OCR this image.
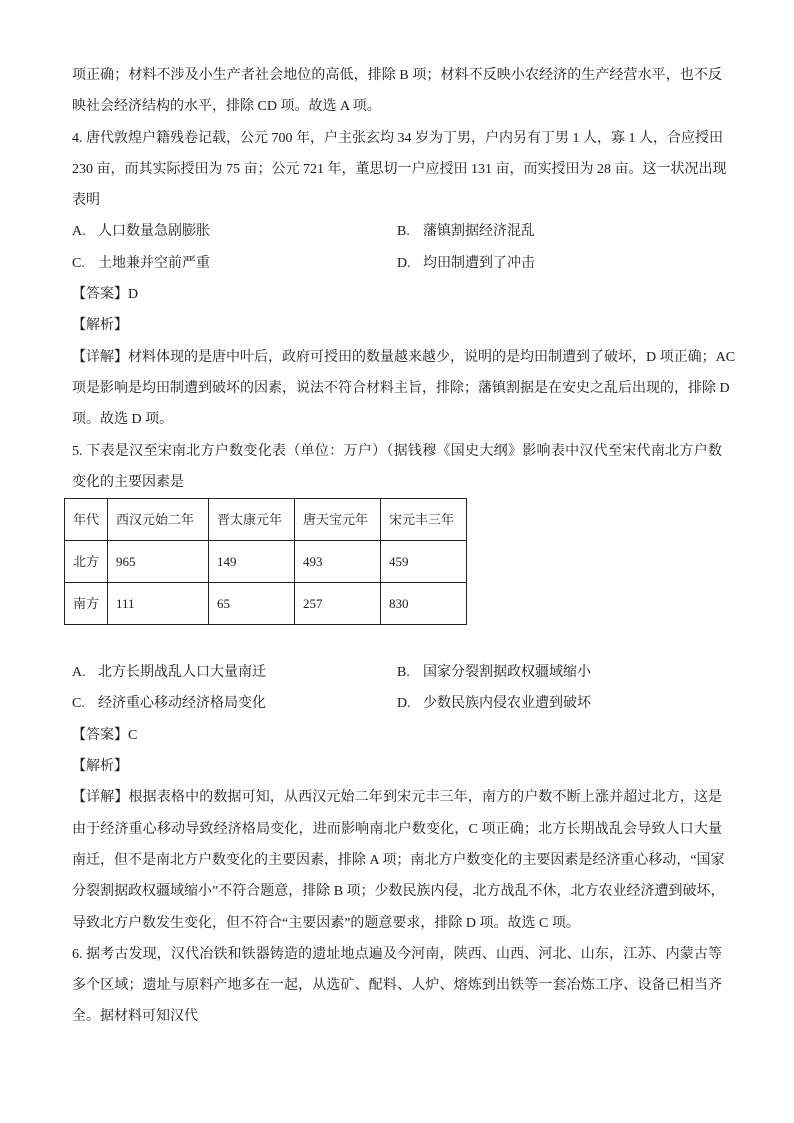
项正确；材料不涉及小生产者社会地位的高低，排除 B 项；材料不反映小农经济的生产经营水平，也不反
映社会经济结构的水平，排除 CD 项。故选 A 项。
4. 唐代敦煌户籍残卷记载，公元 700 年，户主张玄均 34 岁为丁男，户内另有丁男 1 人，寡 1 人，合应授田
230 亩，而其实际授田为 75 亩；公元 721 年，董思切一户应授田 131 亩，而实授田为 28 亩。这一状况出现
表明
A. 人口数量急剧膨胀	B. 藩镇割据经济混乱
C. 土地兼并空前严重	D. 均田制遭到了冲击
【答案】D
【解析】
【详解】材料体现的是唐中叶后，政府可授田的数量越来越少，说明的是均田制遭到了破坏，D 项正确；AC
项是影响是均田制遭到破坏的因素，说法不符合材料主旨，排除；藩镇割据是在安史之乱后出现的，排除 D
项。故选 D 项。
5. 下表是汉至宋南北方户数变化表（单位：万户）（据钱穆《国史大纲》影响表中汉代至宋代南北方户数
变化的主要因素是
年代	西汉元始二年	晋太康元年	唐天宝元年	宋元丰三年
北方	965	149	493	459
南方	111	65	257	830
A. 北方长期战乱人口大量南迁	B. 国家分裂割据政权疆域缩小
C. 经济重心移动经济格局变化	D. 少数民族内侵农业遭到破坏
【答案】C
【解析】
【详解】根据表格中的数据可知，从西汉元始二年到宋元丰三年，南方的户数不断上涨并超过北方，这是
由于经济重心移动导致经济格局变化，进而影响南北户数变化，C 项正确；北方长期战乱会导致人口大量
南迁，但不是南北方户数变化的主要因素，排除 A 项；南北方户数变化的主要因素是经济重心移动，“国家
分裂割据政权疆域缩小”不符合题意，排除 B 项；少数民族内侵，北方战乱不休，北方农业经济遭到破坏，
导致北方户数发生变化，但不符合“主要因素”的题意要求，排除 D 项。故选 C 项。
6. 据考古发现，汉代冶铁和铁器铸造的遗址地点遍及今河南，陕西、山西、河北、山东，江苏、内蒙古等
多个区域；遗址与原料产地多在一起，从选矿、配料、人炉、熔炼到出铁等一套冶炼工序、设备已相当齐
全。据材料可知汉代
